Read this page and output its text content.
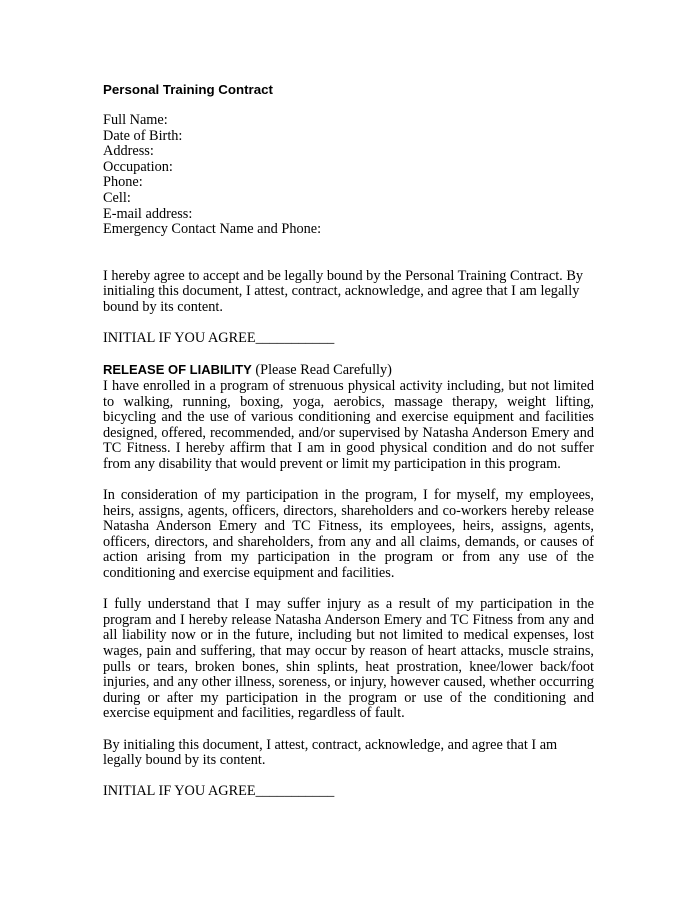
Personal Training Contract
Full Name:
Date of Birth:
Address:
Occupation:
Phone:
Cell:
E-mail address:
Emergency Contact Name and Phone:

I hereby agree to accept and be legally bound by the Personal Training Contract. By initialing this document, I attest, contract, acknowledge, and agree that I am legally bound by its content.

INITIAL IF YOU AGREE___________

RELEASE OF LIABILITY (Please Read Carefully)

I have enrolled in a program of strenuous physical activity including, but not limited to walking, running, boxing, yoga, aerobics, massage therapy, weight lifting, bicycling and the use of various conditioning and exercise equipment and facilities designed, offered, recommended, and/or supervised by Natasha Anderson Emery and TC Fitness. I hereby affirm that I am in good physical condition and do not suffer from any disability that would prevent or limit my participation in this program.

In consideration of my participation in the program, I for myself, my employees, heirs, assigns, agents, officers, directors, shareholders and co-workers hereby release Natasha Anderson Emery and TC Fitness, its employees, heirs, assigns, agents, officers, directors, and shareholders, from any and all claims, demands, or causes of action arising from my participation in the program or from any use of the conditioning and exercise equipment and facilities.

I fully understand that I may suffer injury as a result of my participation in the program and I hereby release Natasha Anderson Emery and TC Fitness from any and all liability now or in the future, including but not limited to medical expenses, lost wages, pain and suffering, that may occur by reason of heart attacks, muscle strains, pulls or tears, broken bones, shin splints, heat prostration, knee/lower back/foot injuries, and any other illness, soreness, or injury, however caused, whether occurring during or after my participation in the program or use of the conditioning and exercise equipment and facilities, regardless of fault.

By initialing this document, I attest, contract, acknowledge, and agree that I am legally bound by its content.

INITIAL IF YOU AGREE___________
